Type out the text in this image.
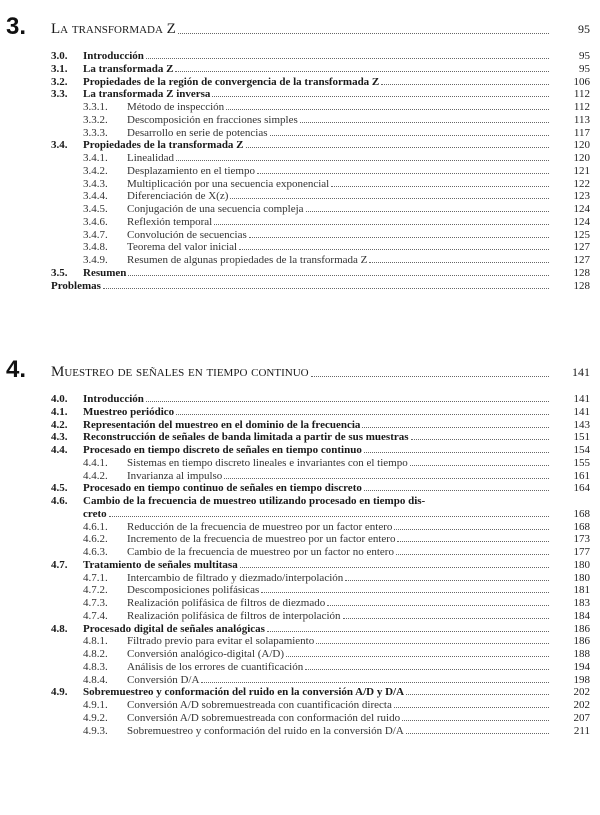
3. La transformada Z	95
3.0. Introducción	95
3.1. La transformada Z	95
3.2. Propiedades de la región de convergencia de la transformada Z	106
3.3. La transformada Z inversa	112
3.3.1. Método de inspección	112
3.3.2. Descomposición en fracciones simples	113
3.3.3. Desarrollo en serie de potencias	117
3.4. Propiedades de la transformada Z	120
3.4.1. Linealidad	120
3.4.2. Desplazamiento en el tiempo	121
3.4.3. Multiplicación por una secuencia exponencial	122
3.4.4. Diferenciación de X(z)	123
3.4.5. Conjugación de una secuencia compleja	124
3.4.6. Reflexión temporal	124
3.4.7. Convolución de secuencias	125
3.4.8. Teorema del valor inicial	127
3.4.9. Resumen de algunas propiedades de la transformada Z	127
3.5. Resumen	128
Problemas	128
4. Muestreo de señales en tiempo continuo	141
4.0. Introducción	141
4.1. Muestreo periódico	141
4.2. Representación del muestreo en el dominio de la frecuencia	143
4.3. Reconstrucción de señales de banda limitada a partir de sus muestras	151
4.4. Procesado en tiempo discreto de señales en tiempo continuo	154
4.4.1. Sistemas en tiempo discreto lineales e invariantes con el tiempo	155
4.4.2. Invarianza al impulso	161
4.5. Procesado en tiempo continuo de señales en tiempo discreto	164
4.6. Cambio de la frecuencia de muestreo utilizando procesado en tiempo dis-
creto	168
4.6.1. Reducción de la frecuencia de muestreo por un factor entero	168
4.6.2. Incremento de la frecuencia de muestreo por un factor entero	173
4.6.3. Cambio de la frecuencia de muestreo por un factor no entero	177
4.7. Tratamiento de señales multitasa	180
4.7.1. Intercambio de filtrado y diezmado/interpolación	180
4.7.2. Descomposiciones polifásicas	181
4.7.3. Realización polifásica de filtros de diezmado	183
4.7.4. Realización polifásica de filtros de interpolación	184
4.8. Procesado digital de señales analógicas	186
4.8.1. Filtrado previo para evitar el solapamiento	186
4.8.2. Conversión analógico-digital (A/D)	188
4.8.3. Análisis de los errores de cuantificación	194
4.8.4. Conversión D/A	198
4.9. Sobremuestreo y conformación del ruido en la conversión A/D y D/A	202
4.9.1. Conversión A/D sobremuestreada con cuantificación directa	202
4.9.2. Conversión A/D sobremuestreada con conformación del ruido	207
4.9.3. Sobremuestreo y conformación del ruido en la conversión D/A	211
